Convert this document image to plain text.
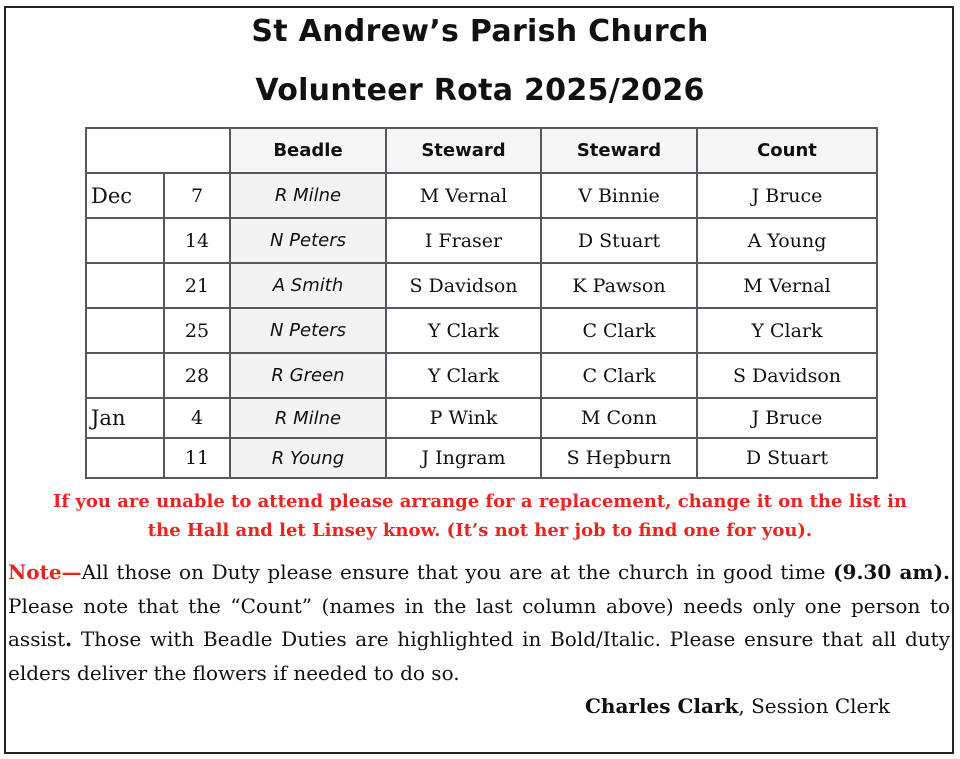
St Andrew’s Parish Church
Volunteer Rota 2025/2026
		Beadle	Steward	Steward	Count
Dec	7	R Milne	M Vernal	V Binnie	J Bruce
	14	N Peters	I Fraser	D Stuart	A Young
	21	A Smith	S Davidson	K Pawson	M Vernal
	25	N Peters	Y Clark	C Clark	Y Clark
	28	R Green	Y Clark	C Clark	S Davidson
Jan	4	R Milne	P Wink	M Conn	J Bruce
	11	R Young	J Ingram	S Hepburn	D Stuart
If you are unable to attend please arrange for a replacement, change it on the list in
the Hall and let Linsey know. (It’s not her job to find one for you).
Note—All those on Duty please ensure that you are at the church in good time (9.30 am). Please note that the “Count” (names in the last column above) needs only one person to assist. Those with Beadle Duties are highlighted in Bold/Italic. Please ensure that all duty elders deliver the flowers if needed to do so.
Charles Clark, Session Clerk
